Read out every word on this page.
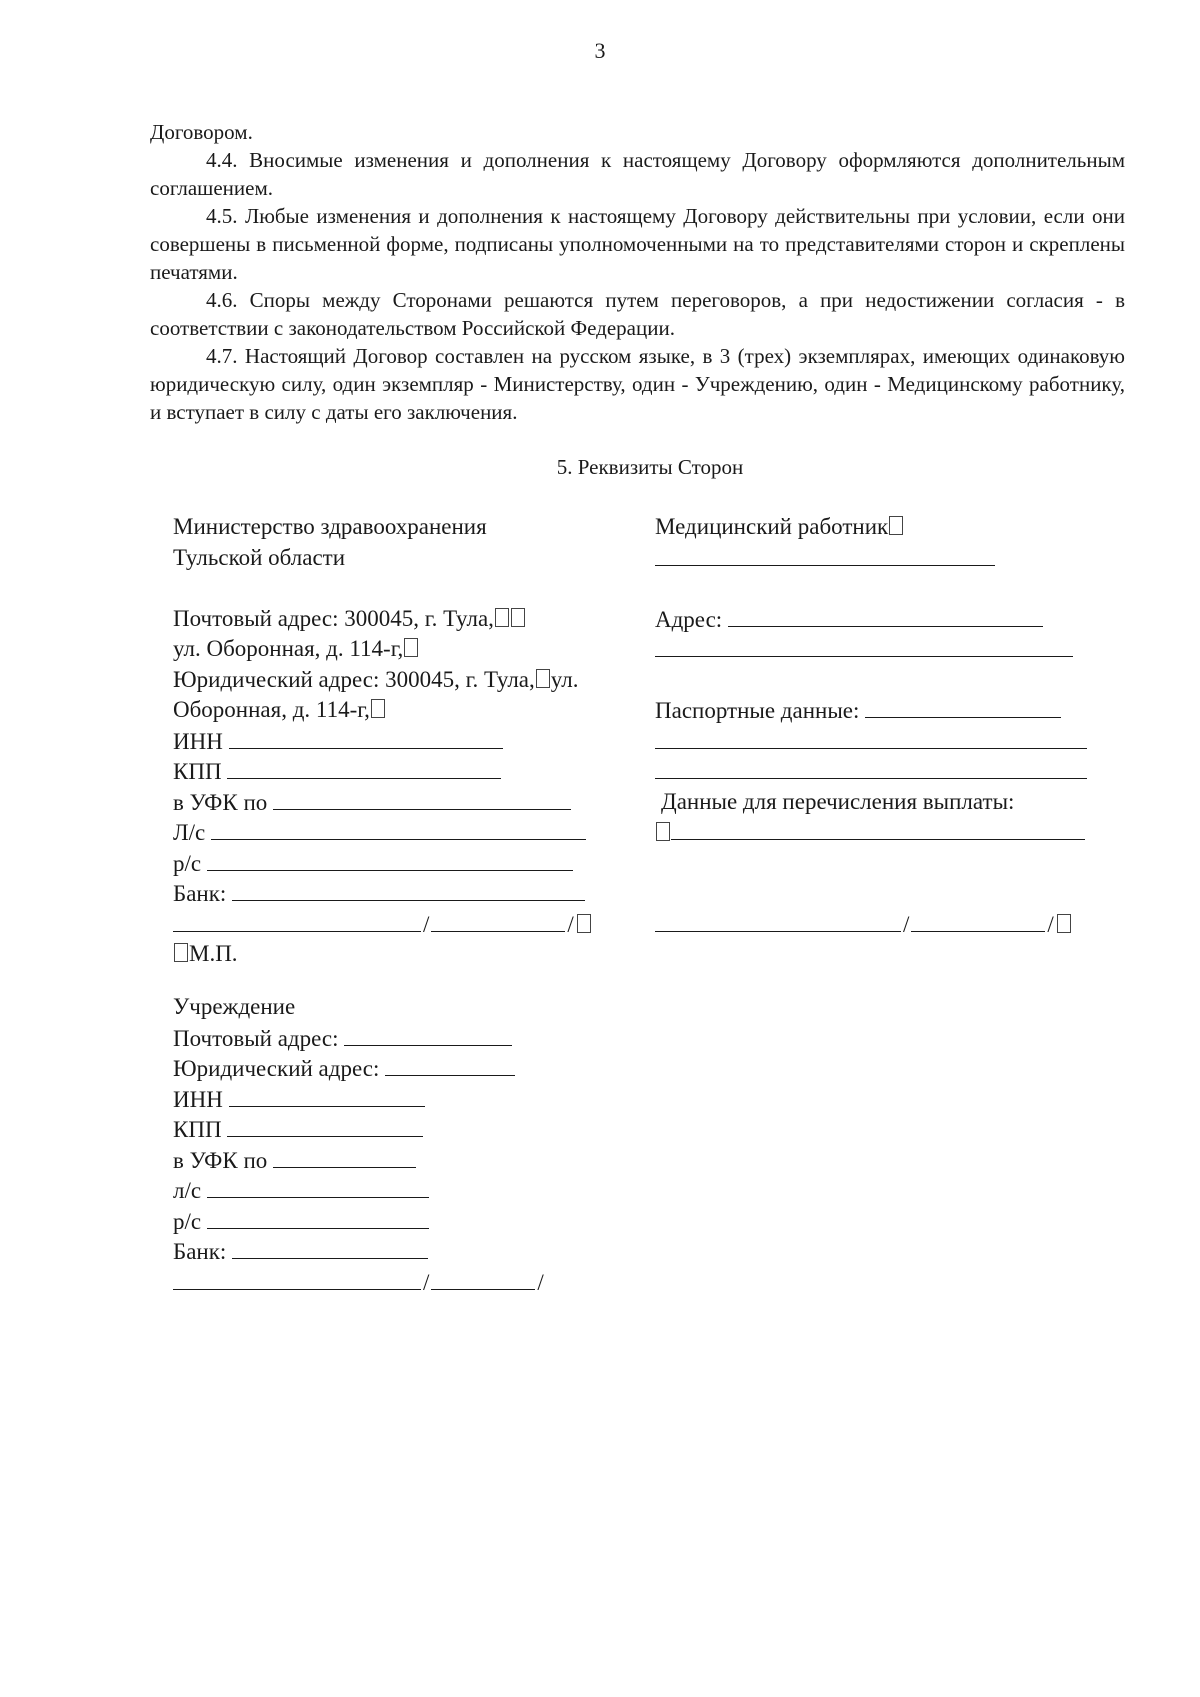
3

Договором.

4.4. Вносимые изменения и дополнения к настоящему Договору оформляются дополнительным соглашением.

4.5. Любые изменения и дополнения к настоящему Договору действительны при условии, если они совершены в письменной форме, подписаны уполномоченными на то представителями сторон и скреплены печатями.

4.6. Споры между Сторонами решаются путем переговоров, а при недостижении согласия - в соответствии с законодательством Российской Федерации.

4.7. Настоящий Договор составлен на русском языке, в 3 (трех) экземплярах, имеющих одинаковую юридическую силу, один экземпляр - Министерству, один - Учреждению, один - Медицинскому работнику, и вступает в силу с даты его заключения.

5. Реквизиты Сторон
Министерство здравоохранения
Тульской области
Почтовый адрес: 300045, г. Тула,
ул. Оборонная, д. 114-г,
Юридический адрес: 300045, г. Тула, ул.
Оборонная, д. 114-г,
ИНН
КПП
в УФК по
Л/с
р/с
Банк:
/	/
М.П.
Медицинский работник
Адрес:
Паспортные данные:
Данные для перечисления выплаты:
/	/
Учреждение
Почтовый адрес:
Юридический адрес:
ИНН
КПП
в УФК по
л/с
р/с
Банк:
/	/
